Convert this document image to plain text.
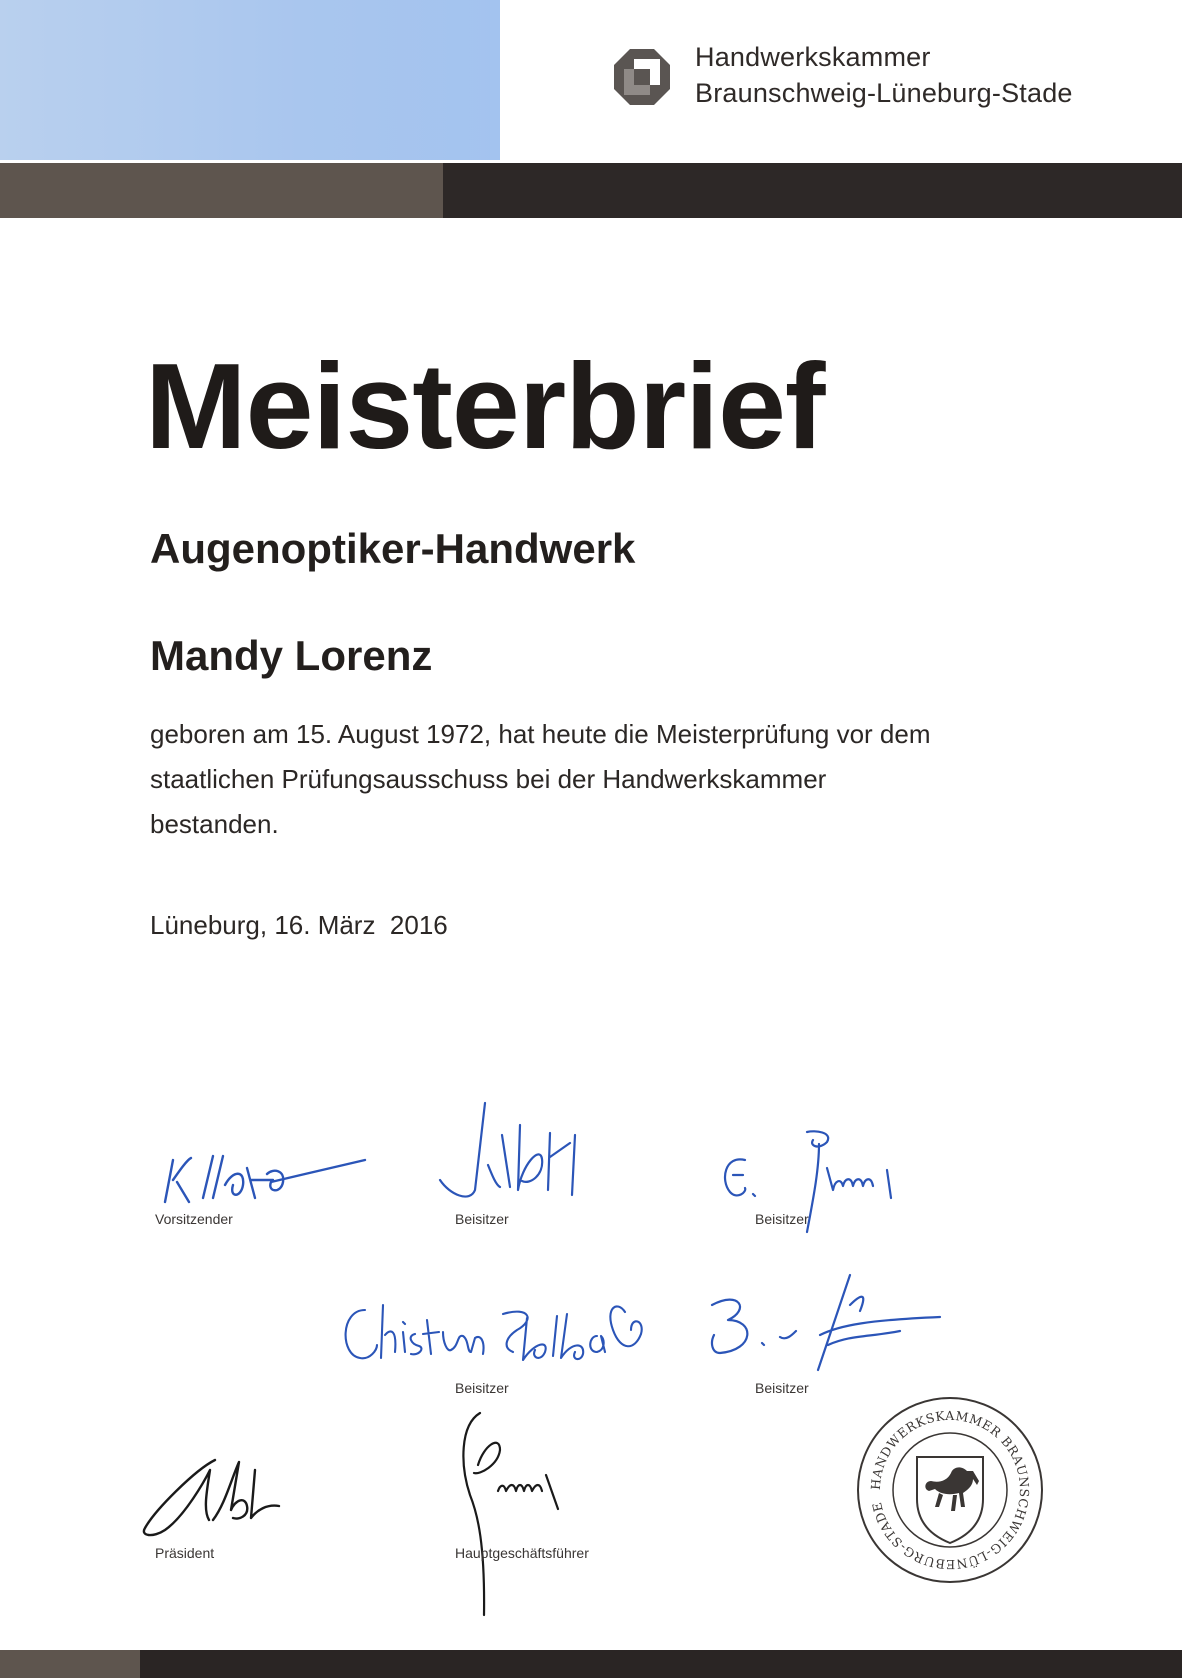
Handwerkskammer
Braunschweig-Lüneburg-Stade
Meisterbrief
Augenoptiker-Handwerk
Mandy Lorenz
geboren am 15. August 1972, hat heute die Meisterprüfung vor dem
staatlichen Prüfungsausschuss bei der Handwerkskammer
bestanden.
Lüneburg, 16. März  2016
Vorsitzender	Beisitzer	Beisitzer
Beisitzer	Beisitzer
Präsident	Hauptgeschäftsführer
HANDWERKSKAMMER BRAUNSCHWEIG-LÜNEBURG-STADE
